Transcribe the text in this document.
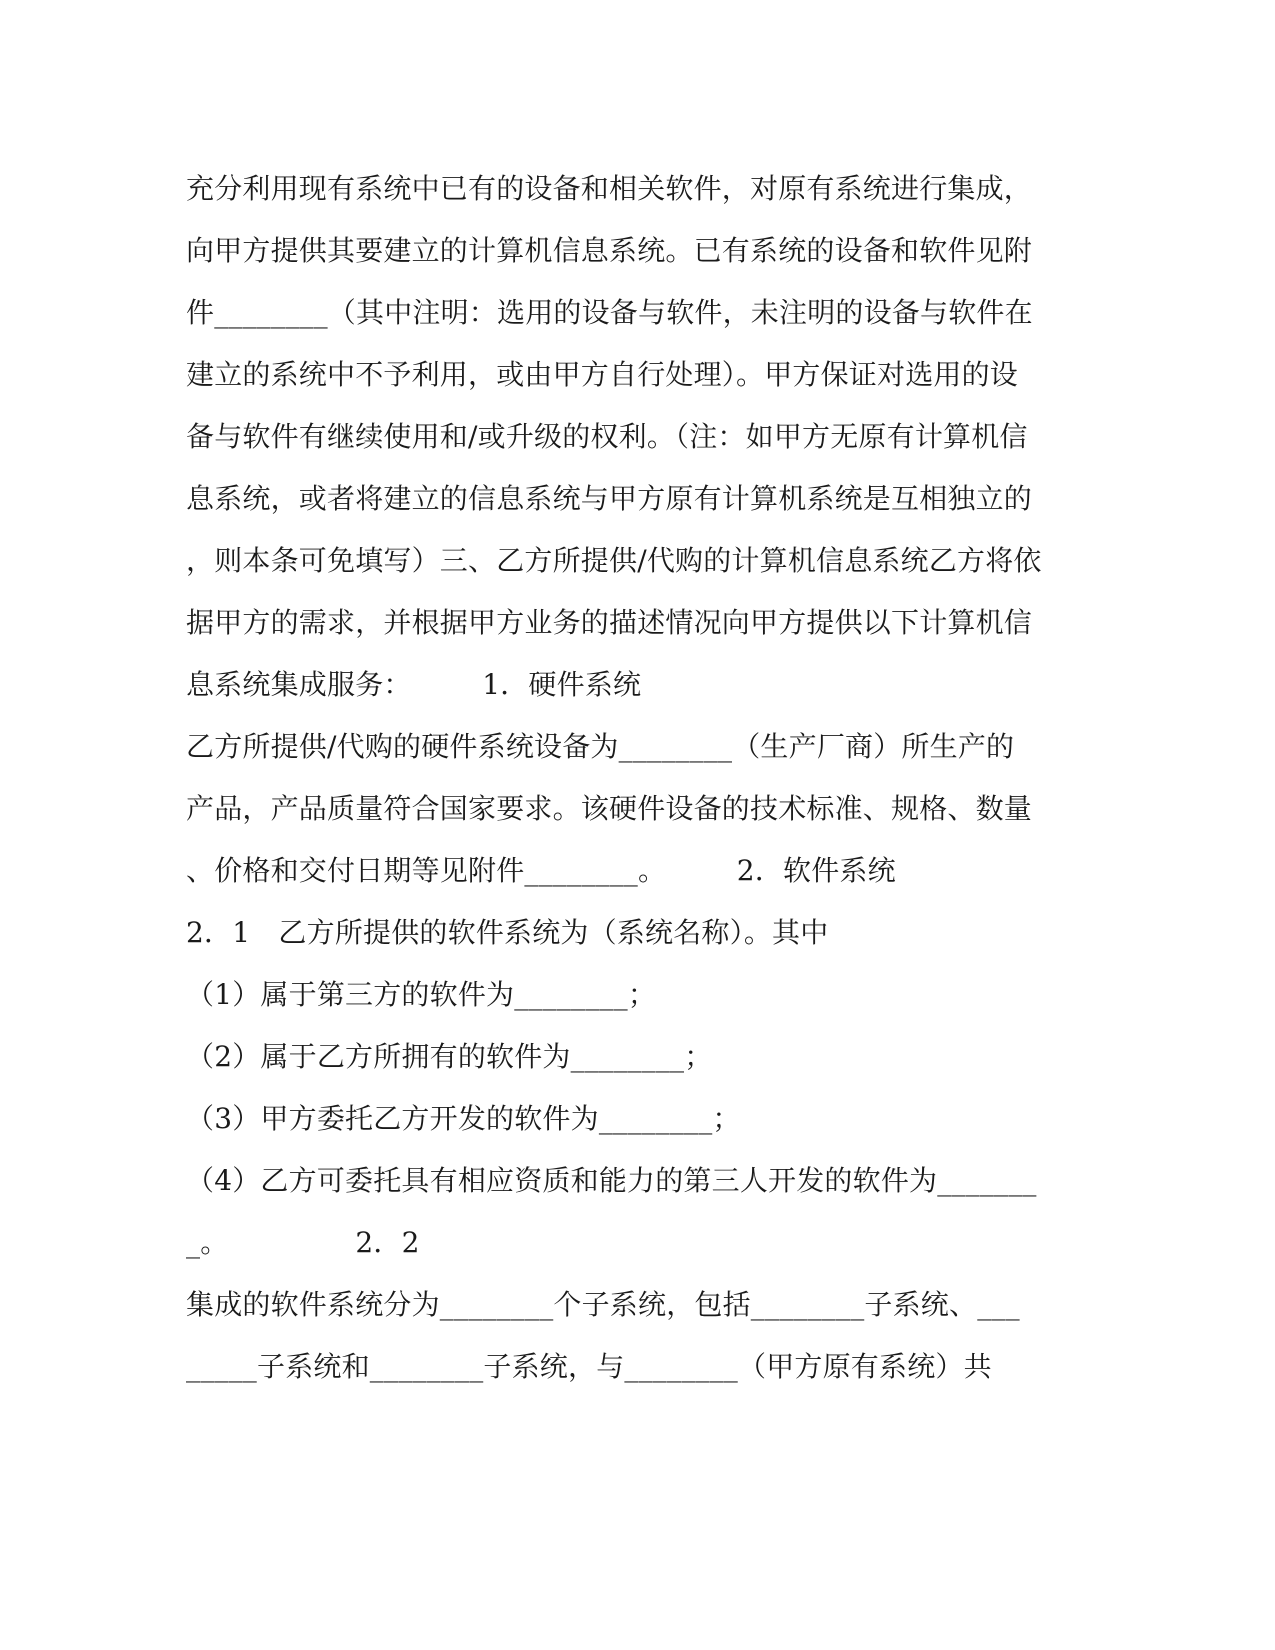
充分利用现有系统中已有的设备和相关软件，对原有系统进行集成，
向甲方提供其要建立的计算机信息系统。已有系统的设备和软件见附
件________（其中注明：选用的设备与软件，未注明的设备与软件在
建立的系统中不予利用，或由甲方自行处理）。甲方保证对选用的设
备与软件有继续使用和/或升级的权利。（注：如甲方无原有计算机信
息系统，或者将建立的信息系统与甲方原有计算机系统是互相独立的
，则本条可免填写）三、乙方所提供/代购的计算机信息系统乙方将依
据甲方的需求，并根据甲方业务的描述情况向甲方提供以下计算机信
息系统集成服务：　　　1．硬件系统
乙方所提供/代购的硬件系统设备为________（生产厂商）所生产的
产品，产品质量符合国家要求。该硬件设备的技术标准、规格、数量
、价格和交付日期等见附件________。　　　2．软件系统
2．1　乙方所提供的软件系统为（系统名称）。其中
（1）属于第三方的软件为________；
（2）属于乙方所拥有的软件为________；
（3）甲方委托乙方开发的软件为________；
（4）乙方可委托具有相应资质和能力的第三人开发的软件为_______
_。　　　　　2．2
集成的软件系统分为________个子系统，包括________子系统、___
_____子系统和________子系统，与________（甲方原有系统）共
